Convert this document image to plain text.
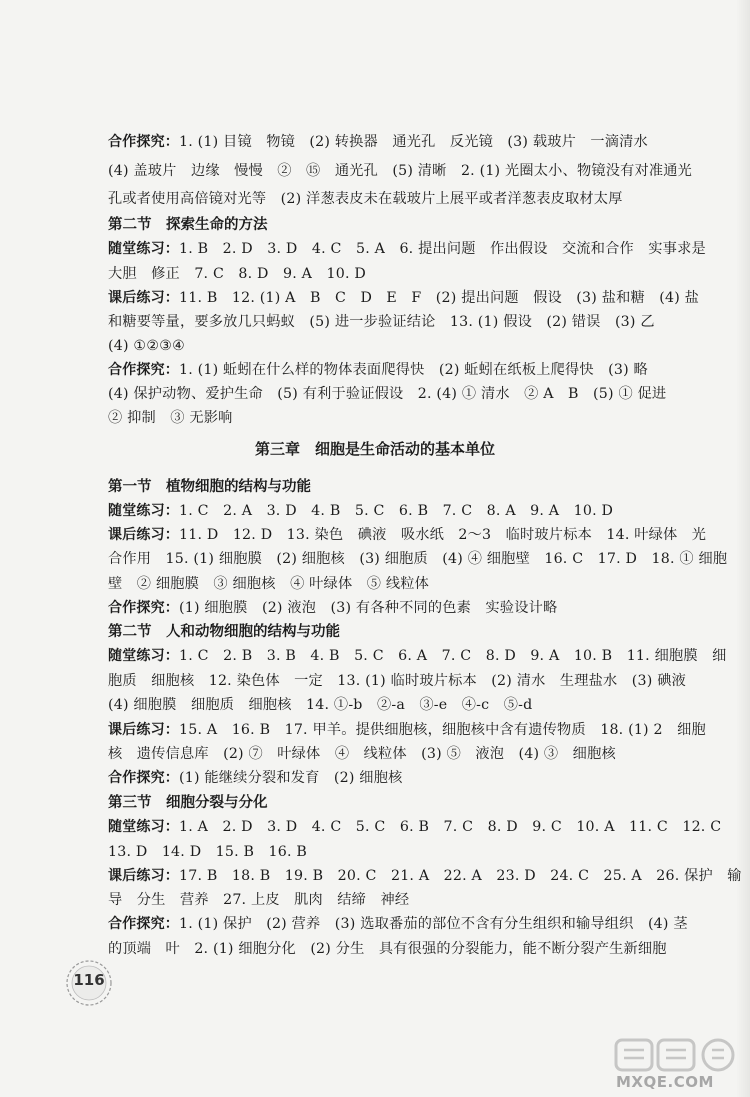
合作探究：1. (1) 目镜　物镜　(2) 转换器　通光孔　反光镜　(3) 载玻片　一滴清水
(4) 盖玻片　边缘　慢慢　②　⑮　通光孔　(5) 清晰　2. (1) 光圈太小、物镜没有对准通光
孔或者使用高倍镜对光等　(2) 洋葱表皮未在载玻片上展平或者洋葱表皮取材太厚
第二节　探索生命的方法
随堂练习：1. B　2. D　3. D　4. C　5. A　6. 提出问题　作出假设　交流和合作　实事求是
大胆　修正　7. C　8. D　9. A　10. D
课后练习：11. B　12. (1) A　B　C　D　E　F　(2) 提出问题　假设　(3) 盐和糖　(4) 盐
和糖要等量，要多放几只蚂蚁　(5) 进一步验证结论　13. (1) 假设　(2) 错误　(3) 乙
(4) ①②③④
合作探究：1. (1) 蚯蚓在什么样的物体表面爬得快　(2) 蚯蚓在纸板上爬得快　(3) 略
(4) 保护动物、爱护生命　(5) 有利于验证假设　2. (4) ① 清水　② A　B　(5) ① 促进
② 抑制　③ 无影响
第三章　细胞是生命活动的基本单位
第一节　植物细胞的结构与功能
随堂练习：1. C　2. A　3. D　4. B　5. C　6. B　7. C　8. A　9. A　10. D
课后练习：11. D　12. D　13. 染色　碘液　吸水纸　2～3　临时玻片标本　14. 叶绿体　光
合作用　15. (1) 细胞膜　(2) 细胞核　(3) 细胞质　(4) ④ 细胞壁　16. C　17. D　18. ① 细胞
壁　② 细胞膜　③ 细胞核　④ 叶绿体　⑤ 线粒体
合作探究：(1) 细胞膜　(2) 液泡　(3) 有各种不同的色素　实验设计略
第二节　人和动物细胞的结构与功能
随堂练习：1. C　2. B　3. B　4. B　5. C　6. A　7. C　8. D　9. A　10. B　11. 细胞膜　细
胞质　细胞核　12. 染色体　一定　13. (1) 临时玻片标本　(2) 清水　生理盐水　(3) 碘液
(4) 细胞膜　细胞质　细胞核　14. ①-b　②-a　③-e　④-c　⑤-d
课后练习：15. A　16. B　17. 甲羊。提供细胞核，细胞核中含有遗传物质　18. (1) 2　细胞
核　遗传信息库　(2) ⑦　叶绿体　④　线粒体　(3) ⑤　液泡　(4) ③　细胞核
合作探究：(1) 能继续分裂和发育　(2) 细胞核
第三节　细胞分裂与分化
随堂练习：1. A　2. D　3. D　4. C　5. C　6. B　7. C　8. D　9. C　10. A　11. C　12. C
13. D　14. D　15. B　16. B
课后练习：17. B　18. B　19. B　20. C　21. A　22. A　23. D　24. C　25. A　26. 保护　输
导　分生　营养　27. 上皮　肌肉　结缔　神经
合作探究：1. (1) 保护　(2) 营养　(3) 选取番茄的部位不含有分生组织和输导组织　(4) 茎
的顶端　叶　2. (1) 细胞分化　(2) 分生　具有很强的分裂能力，能不断分裂产生新细胞
116
MXQE.COM
